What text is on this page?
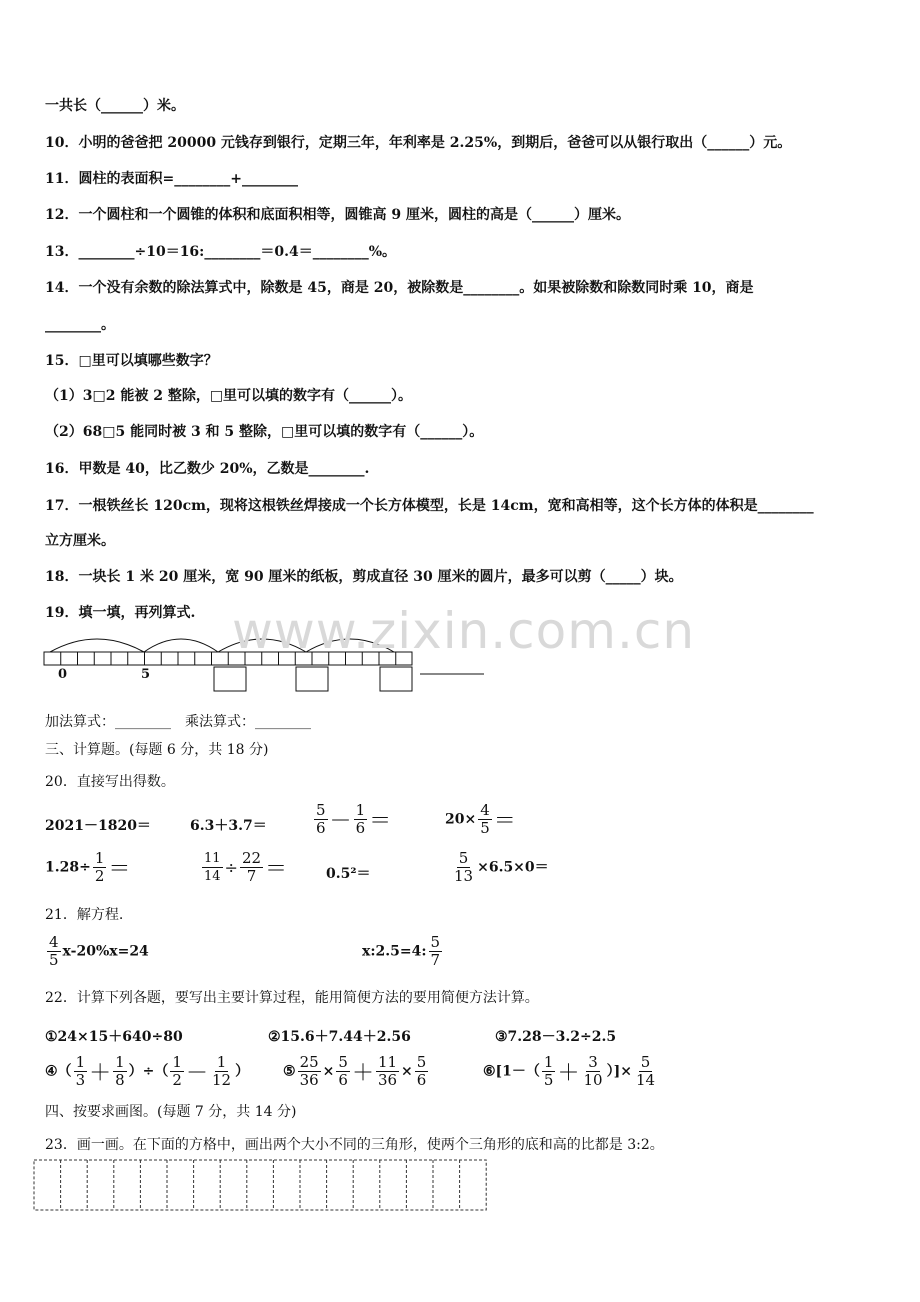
一共长（______）米。
10．小明的爸爸把 20000 元钱存到银行，定期三年，年利率是 2.25%，到期后，爸爸可以从银行取出（______）元。
11．圆柱的表面积=________+________
12．一个圆柱和一个圆锥的体积和底面积相等，圆锥高 9 厘米，圆柱的高是（______）厘米。
13．________÷10＝16:________＝0.4＝________%。
14．一个没有余数的除法算式中，除数是 45，商是 20，被除数是________。如果被除数和除数同时乘 10，商是
________。
15．□里可以填哪些数字？
（1）3□2 能被 2 整除，□里可以填的数字有（______）。
（2）68□5 能同时被 3 和 5 整除，□里可以填的数字有（______）。
16．甲数是 40，比乙数少 20%，乙数是________.
17．一根铁丝长 120cm，现将这根铁丝焊接成一个长方体模型，长是 14cm，宽和高相等，这个长方体的体积是________
立方厘米。
18．一块长 1 米 20 厘米，宽 90 厘米的纸板，剪成直径 30 厘米的圆片，最多可以剪（_____）块。
19．填一填，再列算式.
0	5
加法算式：________　乘法算式：________
三、计算题。(每题 6 分，共 18 分)
20．直接写出得数。
2021－1820＝	6.3＋3.7＝	$\frac{5}{6} - \frac{1}{6}$ ＝	$20\times \frac{4}{5}$ ＝
$1.28\div \frac{1}{2}$ ＝	$\frac{11}{14} \div \frac{22}{7}$ ＝	0.5²＝	$\frac{5}{13} \times 6.5\times 0=$
21．解方程.
$\frac{4}{5} x-20\%x=24$	x:2.5=4: $\frac{5}{7}$
22．计算下列各题，要写出主要计算过程，能用简便方法的要用简便方法计算。
①24×15＋640÷80	②15.6＋7.44＋2.56	③7.28－3.2÷2.5
④（ $\frac{1}{3} + \frac{1}{8}$ ）÷（ $\frac{1}{2} - \frac{1}{12}$ ） ⑤ $\frac{25}{36} \times \frac{5}{6} + \frac{11}{36} \times \frac{5}{6}$	⑥[1－（ $\frac{1}{5} + \frac{3}{10}$ ）]× $\frac{5}{14}$
四、按要求画图。(每题 7 分，共 14 分)
23．画一画。在下面的方格中，画出两个大小不同的三角形，使两个三角形的底和高的比都是 3:2。
www.zixin.com.cn
